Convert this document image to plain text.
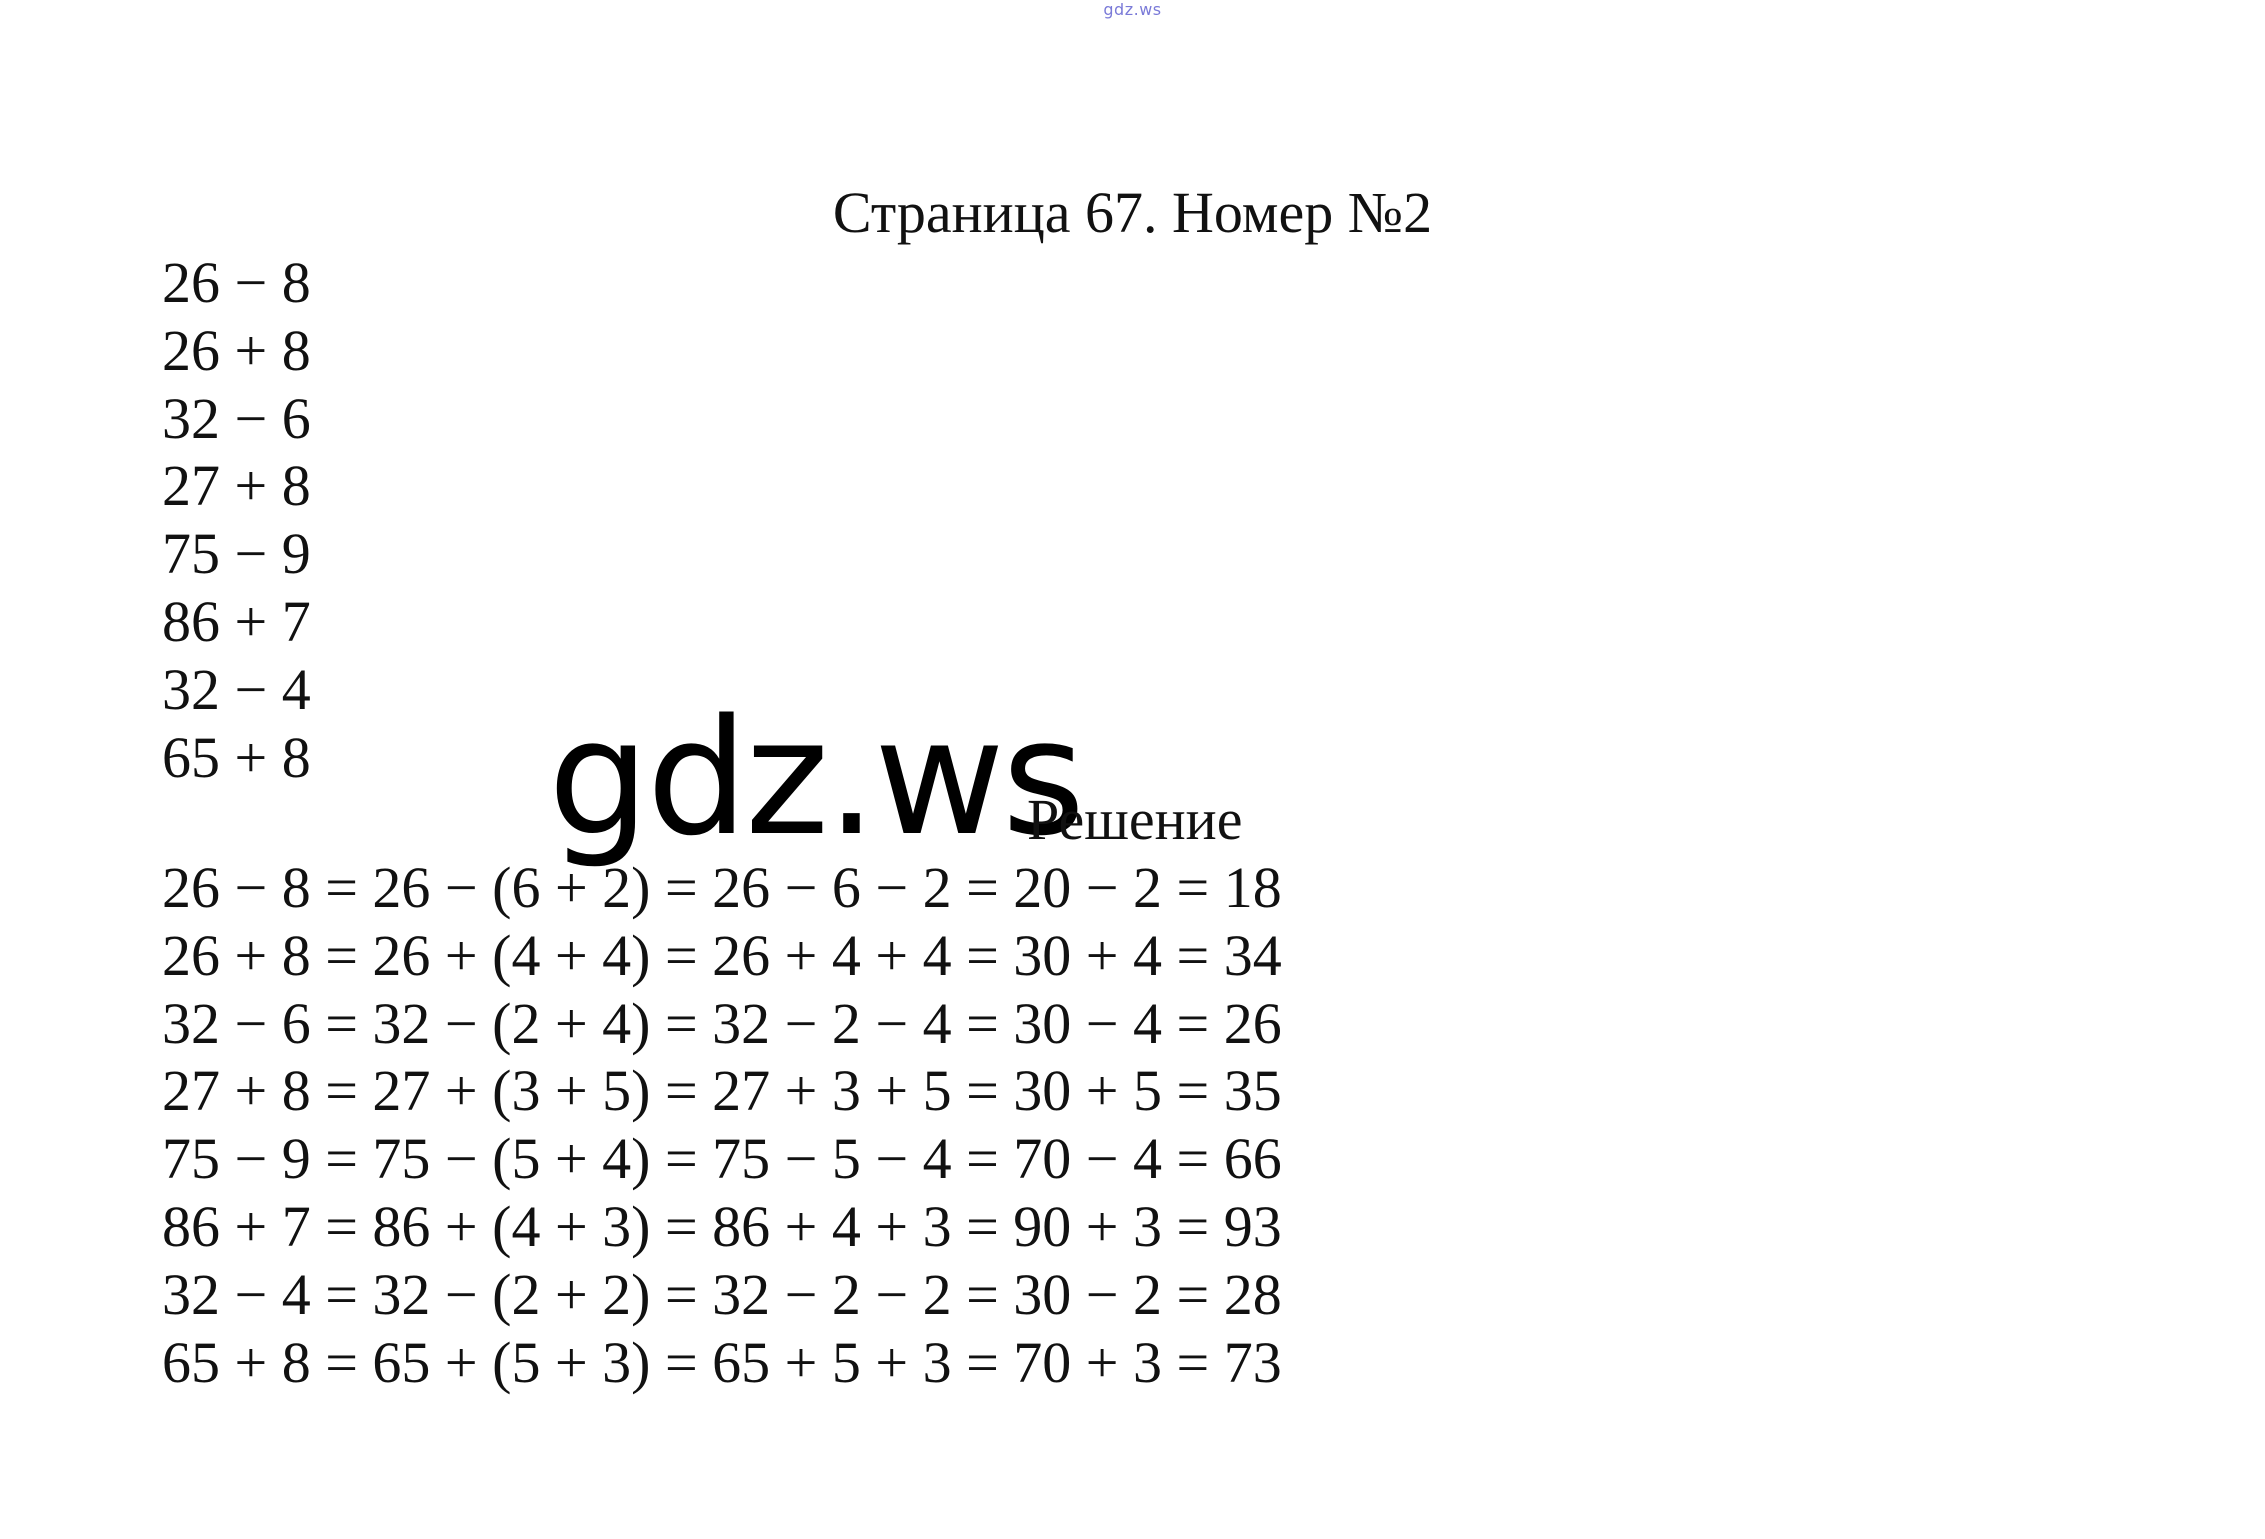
gdz.ws
Страница 67. Номер №2
26 − 8
26 + 8
32 − 6
27 + 8
75 − 9
86 + 7
32 − 4
65 + 8 gdz.ws
Решение
26 − 8 = 26 − (6 + 2) = 26 − 6 − 2 = 20 − 2 = 18
26 + 8 = 26 + (4 + 4) = 26 + 4 + 4 = 30 + 4 = 34
32 − 6 = 32 − (2 + 4) = 32 − 2 − 4 = 30 − 4 = 26
27 + 8 = 27 + (3 + 5) = 27 + 3 + 5 = 30 + 5 = 35
75 − 9 = 75 − (5 + 4) = 75 − 5 − 4 = 70 − 4 = 66
86 + 7 = 86 + (4 + 3) = 86 + 4 + 3 = 90 + 3 = 93
32 − 4 = 32 − (2 + 2) = 32 − 2 − 2 = 30 − 2 = 28
65 + 8 = 65 + (5 + 3) = 65 + 5 + 3 = 70 + 3 = 73
